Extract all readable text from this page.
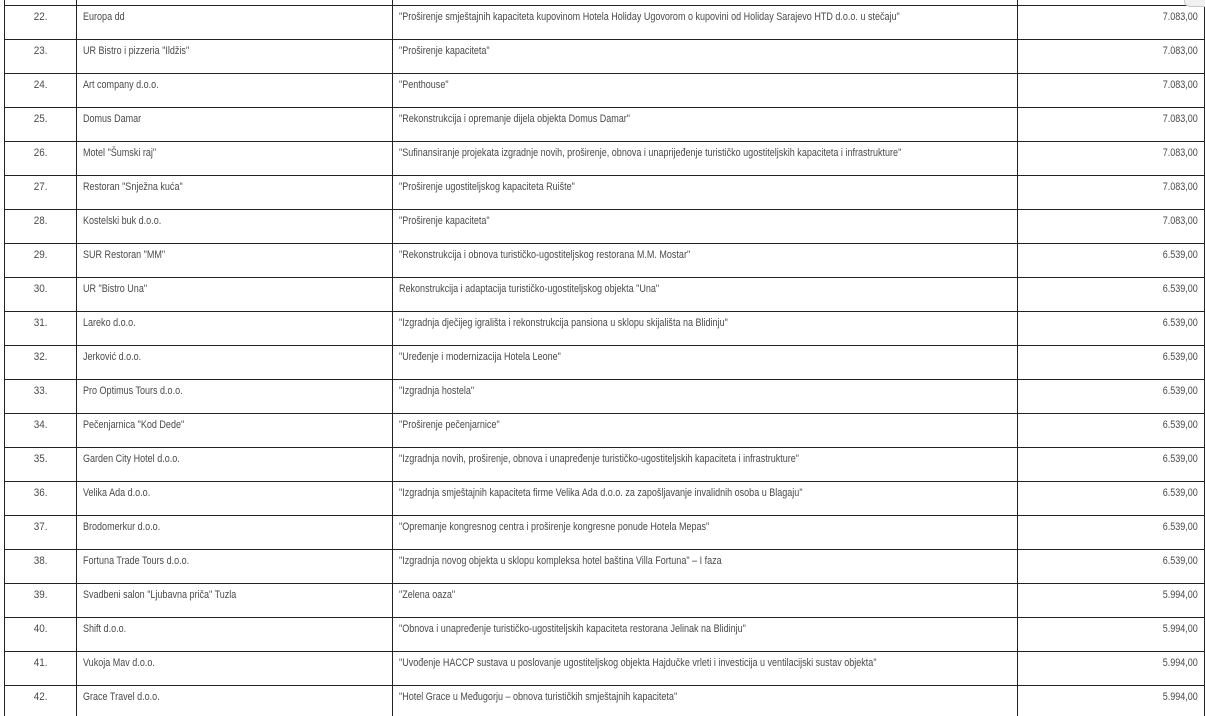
22.	Europa dd	"Proširenje smještajnih kapaciteta kupovinom Hotela Holiday Ugovorom o kupovini od Holiday Sarajevo HTD d.o.o. u stečaju"	7.083,00
23.	UR Bistro i pizzeria "Ildžis"	"Proširenje kapaciteta"	7.083,00
24.	Art company d.o.o.	"Penthouse"	7.083,00
25.	Domus Damar	"Rekonstrukcija i opremanje dijela objekta Domus Damar"	7.083,00
26.	Motel "Šumski raj"	"Sufinansiranje projekata izgradnje novih, proširenje, obnova i unaprijeđenje turističko ugostiteljskih kapaciteta i infrastrukture"	7.083,00
27.	Restoran "Snježna kuća"	"Proširenje ugostiteljskog kapaciteta Ruište"	7.083,00
28.	Kostelski buk d.o.o.	"Proširenje kapaciteta"	7.083,00
29.	SUR Restoran "MM"	"Rekonstrukcija i obnova turističko-ugostiteljskog restorana M.M. Mostar"	6.539,00
30.	UR "Bistro Una"	Rekonstrukcija i adaptacija turističko-ugostiteljskog objekta "Una"	6.539,00
31.	Lareko d.o.o.	"Izgradnja dječijeg igrališta i rekonstrukcija pansiona u sklopu skijališta na Blidinju"	6.539,00
32.	Jerković d.o.o.	"Uređenje i modernizacija Hotela Leone"	6.539,00
33.	Pro Optimus Tours d.o.o.	"Izgradnja hostela"	6.539,00
34.	Pečenjarnica "Kod Dede"	"Proširenje pečenjarnice"	6.539,00
35.	Garden City Hotel d.o.o.	"Izgradnja novih, proširenje, obnova i unapređenje turističko-ugostiteljskih kapaciteta i infrastrukture"	6.539,00
36.	Velika Ada d.o.o.	"Izgradnja smještajnih kapaciteta firme Velika Ada d.o.o. za zapošljavanje invalidnih osoba u Blagaju"	6.539,00
37.	Brodomerkur d.o.o.	"Opremanje kongresnog centra i proširenje kongresne ponude Hotela Mepas"	6.539,00
38.	Fortuna Trade Tours d.o.o.	"Izgradnja novog objekta u sklopu kompleksa hotel baština Villa Fortuna" – I faza	6.539,00
39.	Svadbeni salon "Ljubavna priča" Tuzla	"Zelena oaza"	5.994,00
40.	Shift d.o.o.	"Obnova i unapređenje turističko-ugostiteljskih kapaciteta restorana Jelinak na Blidinju"	5.994,00
41.	Vukoja Mav d.o.o.	"Uvođenje HACCP sustava u poslovanje ugostiteljskog objekta Hajdučke vrleti i investicija u ventilacijski sustav objekta"	5.994,00
42.	Grace Travel d.o.o.	"Hotel Grace u Međugorju – obnova turističkih smještajnih kapaciteta"	5.994,00
